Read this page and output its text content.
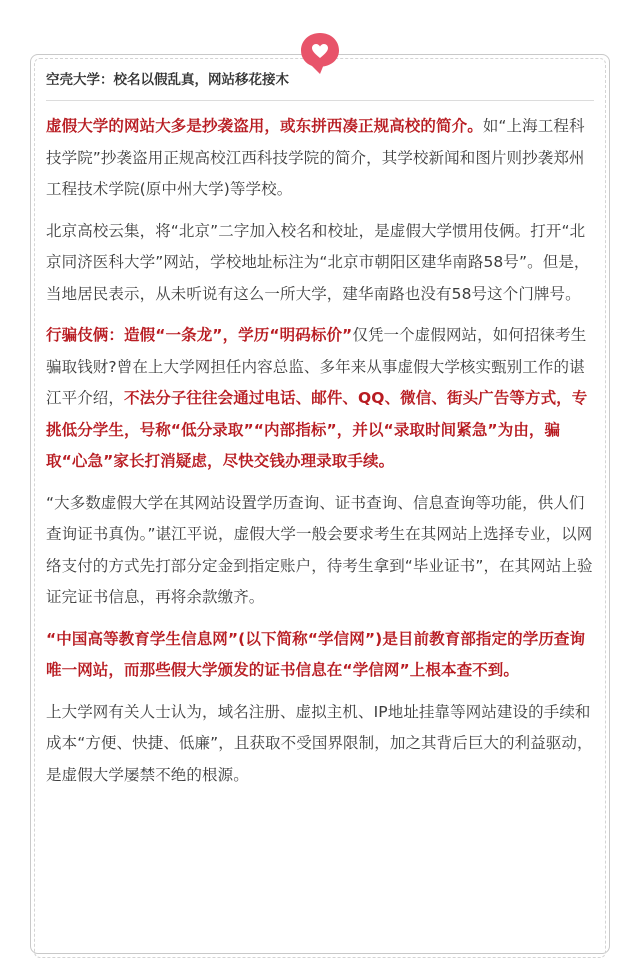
空壳大学：校名以假乱真，网站移花接木

虚假大学的网站大多是抄袭盗用，或东拼西凑正规高校的简介。如“上海工程科技学院”抄袭盗用正规高校江西科技学院的简介，其学校新闻和图片则抄袭郑州工程技术学院(原中州大学)等学校。

北京高校云集，将“北京”二字加入校名和校址，是虚假大学惯用伎俩。打开“北京同济医科大学”网站，学校地址标注为“北京市朝阳区建华南路58号”。但是，当地居民表示，从未听说有这么一所大学，建华南路也没有58号这个门牌号。

行骗伎俩：造假“一条龙”，学历“明码标价”仅凭一个虚假网站，如何招徕考生骗取钱财?曾在上大学网担任内容总监、多年来从事虚假大学核实甄别工作的谌江平介绍，不法分子往往会通过电话、邮件、QQ、微信、街头广告等方式，专挑低分学生，号称“低分录取”“内部指标”，并以“录取时间紧急”为由，骗取“心急”家长打消疑虑，尽快交钱办理录取手续。

“大多数虚假大学在其网站设置学历查询、证书查询、信息查询等功能，供人们查询证书真伪。”谌江平说，虚假大学一般会要求考生在其网站上选择专业，以网络支付的方式先打部分定金到指定账户，待考生拿到“毕业证书”，在其网站上验证完证书信息，再将余款缴齐。

“中国高等教育学生信息网”(以下简称“学信网”)是目前教育部指定的学历查询唯一网站，而那些假大学颁发的证书信息在“学信网”上根本查不到。

上大学网有关人士认为，域名注册、虚拟主机、IP地址挂靠等网站建设的手续和成本“方便、快捷、低廉”，且获取不受国界限制，加之其背后巨大的利益驱动，是虚假大学屡禁不绝的根源。
